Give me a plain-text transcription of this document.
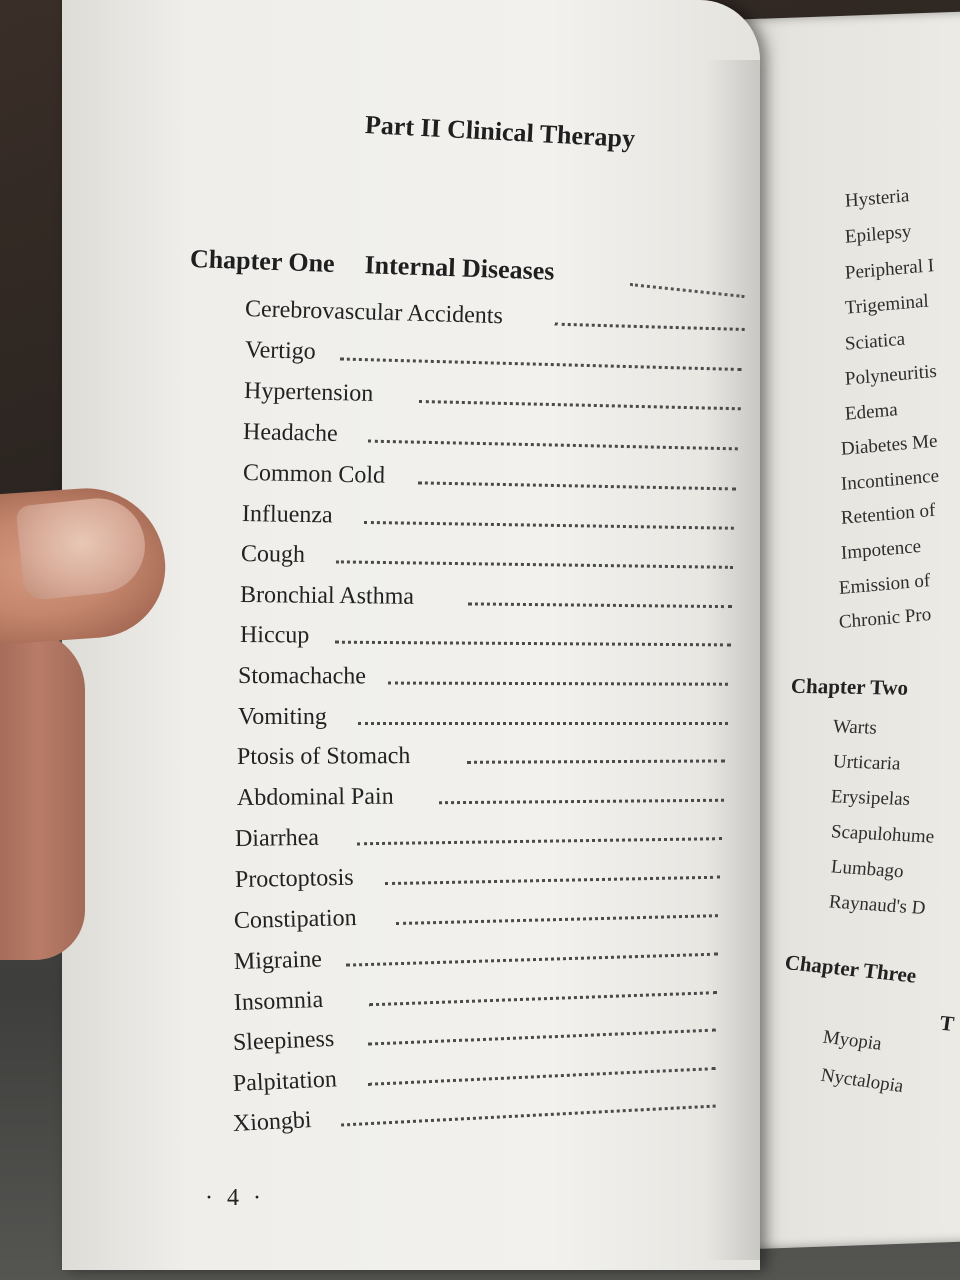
Hysteria
Epilepsy
Peripheral I
Trigeminal
Sciatica
Polyneuritis
Edema
Diabetes Me
Incontinence
Retention of
Impotence
Emission of
Chronic Pro
Chapter Two
Warts
Urticaria
Erysipelas
Scapulohume
Lumbago
Raynaud's D
Chapter Three
T
Myopia
Nyctalopia
Part II Clinical Therapy
Chapter One Internal Diseases
Cerebrovascular Accidents
Vertigo
Hypertension
Headache
Common Cold
Influenza
Cough
Bronchial Asthma
Hiccup
Stomachache
Vomiting
Ptosis of Stomach
Abdominal Pain
Diarrhea
Proctoptosis
Constipation
Migraine
Insomnia
Sleepiness
Palpitation
Xiongbi
· 4 ·
